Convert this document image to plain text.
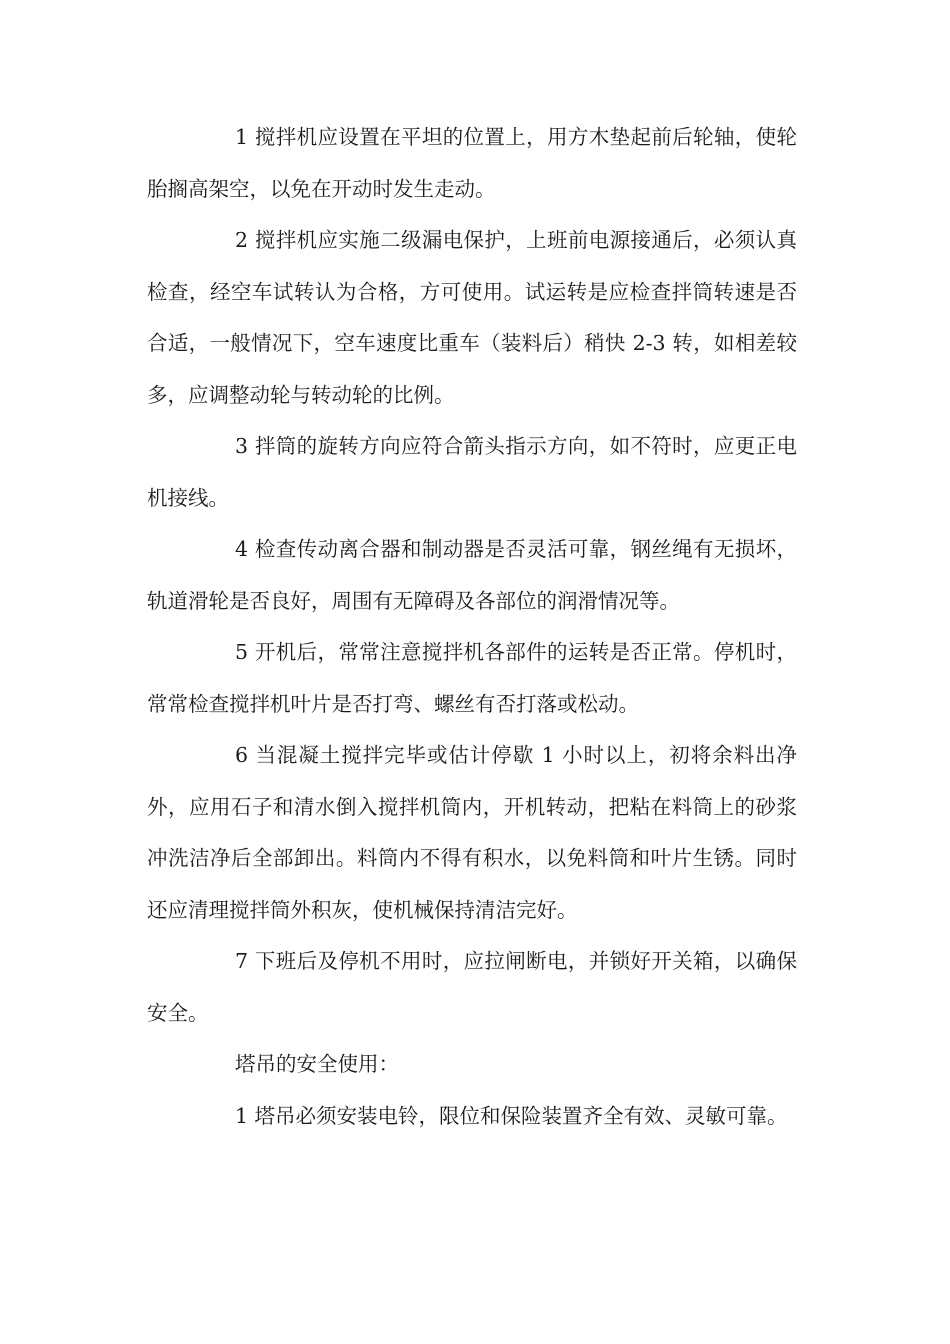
1 搅拌机应设置在平坦的位置上，用方木垫起前后轮轴，使轮胎搁高架空，以免在开动时发生走动。

2 搅拌机应实施二级漏电保护，上班前电源接通后，必须认真检查，经空车试转认为合格，方可使用。试运转是应检查拌筒转速是否合适，一般情况下，空车速度比重车（装料后）稍快 2-3 转，如相差较多，应调整动轮与转动轮的比例。

3 拌筒的旋转方向应符合箭头指示方向，如不符时，应更正电机接线。

4 检查传动离合器和制动器是否灵活可靠，钢丝绳有无损坏，轨道滑轮是否良好，周围有无障碍及各部位的润滑情况等。

5 开机后，常常注意搅拌机各部件的运转是否正常。停机时，常常检查搅拌机叶片是否打弯、螺丝有否打落或松动。

6 当混凝土搅拌完毕或估计停歇 1 小时以上，初将余料出净外，应用石子和清水倒入搅拌机筒内，开机转动，把粘在料筒上的砂浆冲洗洁净后全部卸出。料筒内不得有积水，以免料筒和叶片生锈。同时还应清理搅拌筒外积灰，使机械保持清洁完好。

7 下班后及停机不用时，应拉闸断电，并锁好开关箱，以确保安全。

塔吊的安全使用：

1 塔吊必须安装电铃，限位和保险装置齐全有效、灵敏可靠。
